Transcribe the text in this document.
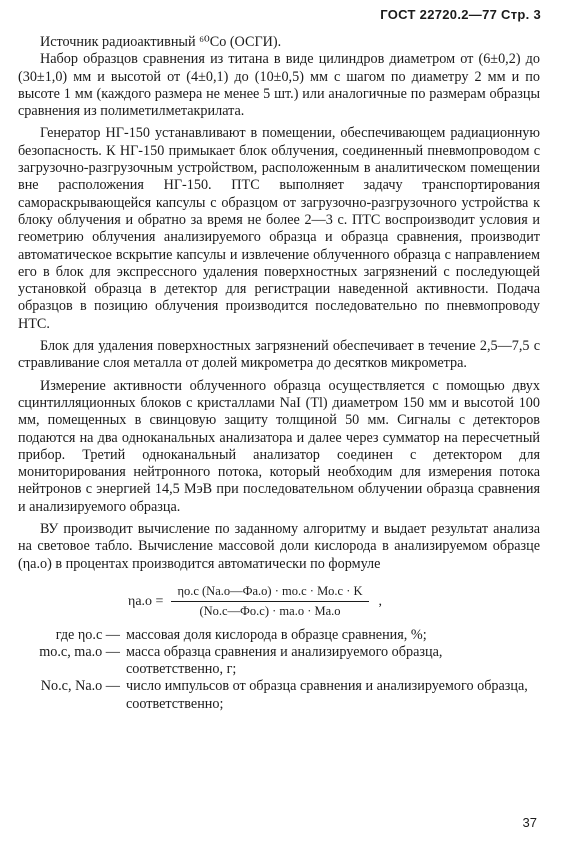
ГОСТ 22720.2—77 Стр. 3

Источник радиоактивный ⁶⁰Co (ОСГИ).

Набор образцов сравнения из титана в виде цилиндров диаметром от (6±0,2) до (30±1,0) мм и высотой от (4±0,1) до (10±0,5) мм с шагом по диаметру 2 мм и по высоте 1 мм (каждого размера не менее 5 шт.) или аналогичные по размерам образцы сравнения из полиметилметакрилата.

Генератор НГ-150 устанавливают в помещении, обеспечивающем радиационную безопасность. К НГ-150 примыкает блок облучения, соединенный пневмопроводом с загрузочно-разгрузочным устройством, расположенным в аналитическом помещении вне расположения НГ-150. ПТС выполняет задачу транспортирования самораскрывающейся капсулы с образцом от загрузочно-разгрузочного устройства к блоку облучения и обратно за время не более 2—3 с. ПТС воспроизводит условия и геометрию облучения анализируемого образца и образца сравнения, производит автоматическое вскрытие капсулы и извлечение облученного образца с направлением его в блок для экспрессного удаления поверхностных загрязнений с последующей установкой образца в детектор для регистрации наведенной активности. Подача образцов в позицию облучения производится последовательно по пневмопроводу НТС.

Блок для удаления поверхностных загрязнений обеспечивает в течение 2,5—7,5 с стравливание слоя металла от долей микрометра до десятков микрометра.

Измерение активности облученного образца осуществляется с помощью двух сцинтилляционных блоков с кристаллами NaI (Tl) диаметром 150 мм и высотой 100 мм, помещенных в свинцовую защиту толщиной 50 мм. Сигналы с детекторов подаются на два одноканальных анализатора и далее через сумматор на пересчетный прибор. Третий одноканальный анализатор соединен с детектором для мониторирования нейтронного потока, который необходим для измерения потока нейтронов с энергией 14,5 МэВ при последовательном облучении образца сравнения и анализируемого образца.

ВУ производит вычисление по заданному алгоритму и выдает результат анализа на световое табло. Вычисление массовой доли кислорода в анализируемом образце (ηа.о) в процентах производится автоматически по формуле

$\eta а.о = \frac{\eta о.с (Nа.о—Фа.о) \cdot mо.с \cdot Mо.с \cdot K}{(Nо.с—Фо.с) \cdot mа.о \cdot Mа.о}$ ,
где ηо.с — массовая доля кислорода в образце сравнения, %;
mо.с, mа.о — масса образца сравнения и анализируемого образца, соответственно, г;
Nо.с, Nа.о — число импульсов от образца сравнения и анализируемого образца, соответственно;
37
